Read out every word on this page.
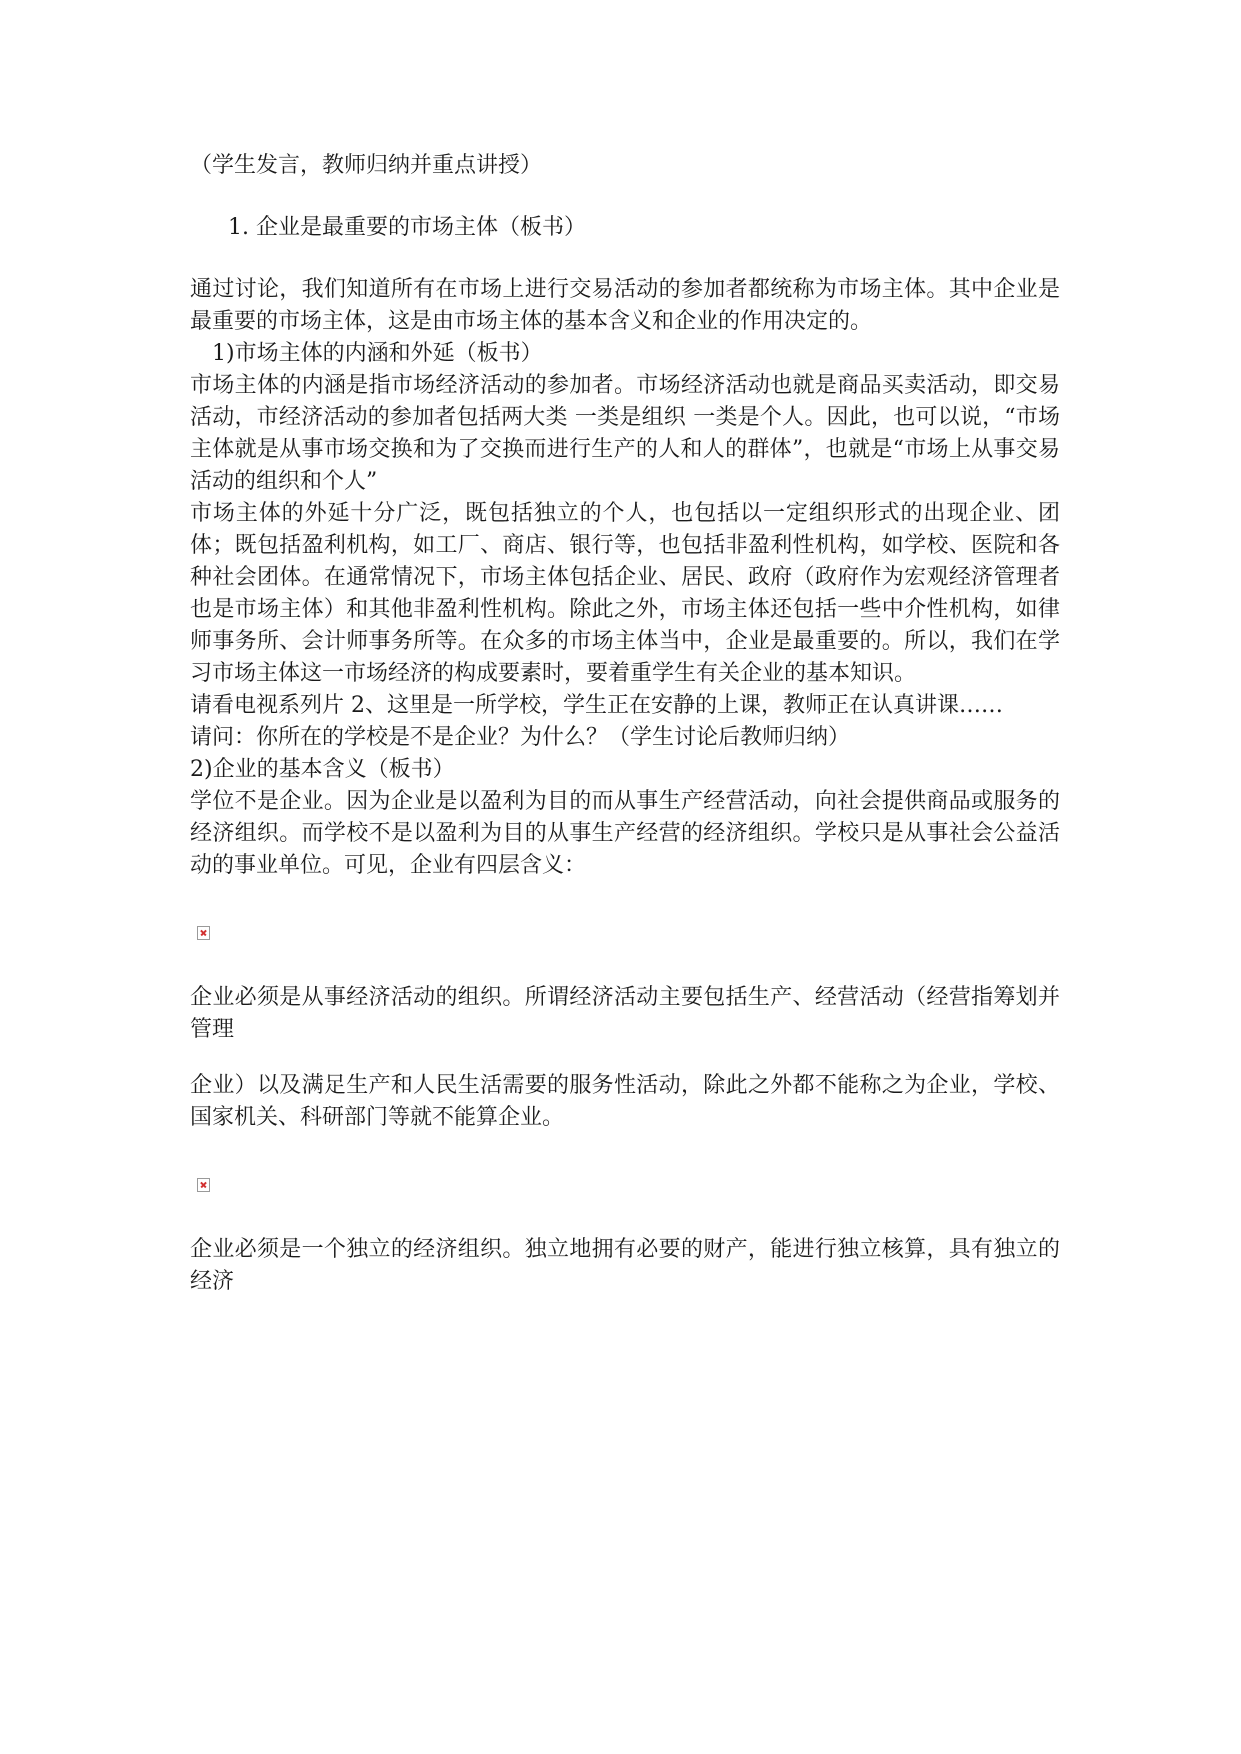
（学生发言，教师归纳并重点讲授）

1. 企业是最重要的市场主体（板书）

通过讨论，我们知道所有在市场上进行交易活动的参加者都统称为市场主体。其中企业是最重要的市场主体，这是由市场主体的基本含义和企业的作用决定的。

1)市场主体的内涵和外延（板书）

市场主体的内涵是指市场经济活动的参加者。市场经济活动也就是商品买卖活动，即交易活动，市经济活动的参加者包括两大类 一类是组织 一类是个人。因此，也可以说，“市场主体就是从事市场交换和为了交换而进行生产的人和人的群体”，也就是“市场上从事交易活动的组织和个人”

市场主体的外延十分广泛，既包括独立的个人，也包括以一定组织形式的出现企业、团体；既包括盈利机构，如工厂、商店、银行等，也包括非盈利性机构，如学校、医院和各种社会团体。在通常情况下，市场主体包括企业、居民、政府（政府作为宏观经济管理者也是市场主体）和其他非盈利性机构。除此之外，市场主体还包括一些中介性机构，如律师事务所、会计师事务所等。在众多的市场主体当中，企业是最重要的。所以，我们在学习市场主体这一市场经济的构成要素时，要着重学生有关企业的基本知识。

请看电视系列片 2、这里是一所学校，学生正在安静的上课，教师正在认真讲课……

请问：你所在的学校是不是企业？为什么？（学生讨论后教师归纳）

2)企业的基本含义（板书）

学位不是企业。因为企业是以盈利为目的而从事生产经营活动，向社会提供商品或服务的经济组织。而学校不是以盈利为目的从事生产经营的经济组织。学校只是从事社会公益活动的事业单位。可见，企业有四层含义：

企业必须是从事经济活动的组织。所谓经济活动主要包括生产、经营活动（经营指筹划并管理

企业）以及满足生产和人民生活需要的服务性活动，除此之外都不能称之为企业，学校、国家机关、科研部门等就不能算企业。

企业必须是一个独立的经济组织。独立地拥有必要的财产，能进行独立核算，具有独立的经济
